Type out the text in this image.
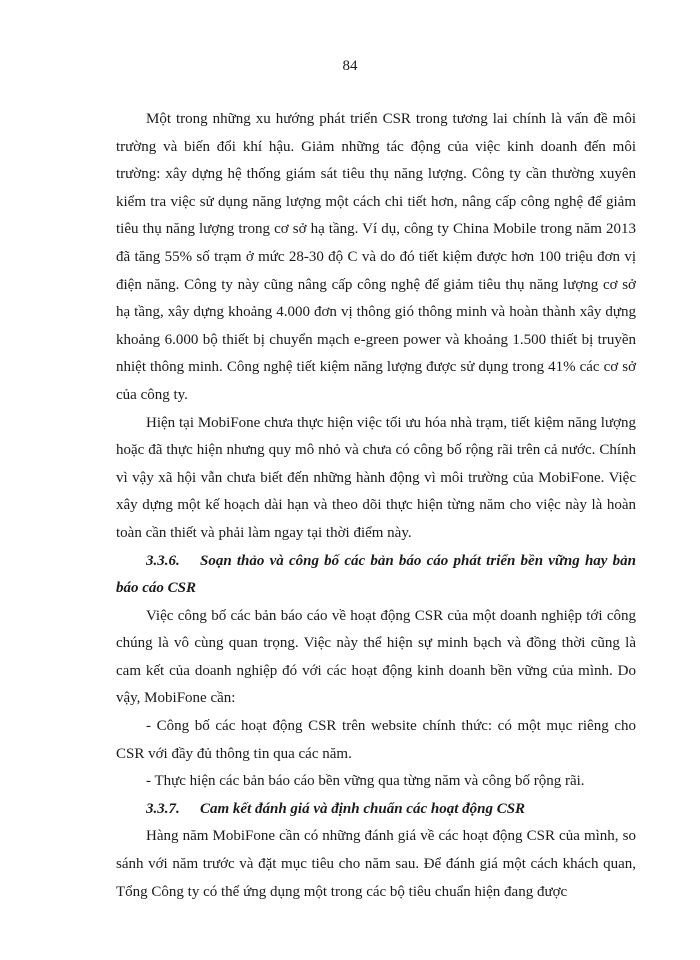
84

Một trong những xu hướng phát triển CSR trong tương lai chính là vấn đề môi trường và biến đổi khí hậu. Giảm những tác động của việc kinh doanh đến môi trường: xây dựng hệ thống giám sát tiêu thụ năng lượng. Công ty cần thường xuyên kiểm tra việc sử dụng năng lượng một cách chi tiết hơn, nâng cấp công nghệ để giảm tiêu thụ năng lượng trong cơ sở hạ tầng. Ví dụ, công ty China Mobile trong năm 2013 đã tăng 55% số trạm ở mức 28-30 độ C và do đó tiết kiệm được hơn 100 triệu đơn vị điện năng. Công ty này cũng nâng cấp công nghệ để giảm tiêu thụ năng lượng cơ sở hạ tầng, xây dựng khoảng 4.000 đơn vị thông gió thông minh và hoàn thành xây dựng khoảng 6.000 bộ thiết bị chuyển mạch e-green power và khoảng 1.500 thiết bị truyền nhiệt thông minh. Công nghệ tiết kiệm năng lượng được sử dụng trong 41% các cơ sở của công ty.

Hiện tại MobiFone chưa thực hiện việc tối ưu hóa nhà trạm, tiết kiệm năng lượng hoặc đã thực hiện nhưng quy mô nhỏ và chưa có công bố rộng rãi trên cả nước. Chính vì vậy xã hội vẫn chưa biết đến những hành động vì môi trường của MobiFone. Việc xây dựng một kế hoạch dài hạn và theo dõi thực hiện từng năm cho việc này là hoàn toàn cần thiết và phải làm ngay tại thời điểm này.

3.3.6. Soạn thảo và công bố các bản báo cáo phát triển bền vững hay bản báo cáo CSR

Việc công bố các bản báo cáo về hoạt động CSR của một doanh nghiệp tới công chúng là vô cùng quan trọng. Việc này thể hiện sự minh bạch và đồng thời cũng là cam kết của doanh nghiệp đó với các hoạt động kinh doanh bền vững của mình. Do vậy, MobiFone cần:

- Công bố các hoạt động CSR trên website chính thức: có một mục riêng cho CSR với đầy đủ thông tin qua các năm.

- Thực hiện các bản báo cáo bền vững qua từng năm và công bố rộng rãi.

3.3.7. Cam kết đánh giá và định chuẩn các hoạt động CSR

Hàng năm MobiFone cần có những đánh giá về các hoạt động CSR của mình, so sánh với năm trước và đặt mục tiêu cho năm sau. Để đánh giá một cách khách quan, Tổng Công ty có thể ứng dụng một trong các bộ tiêu chuẩn hiện đang được
